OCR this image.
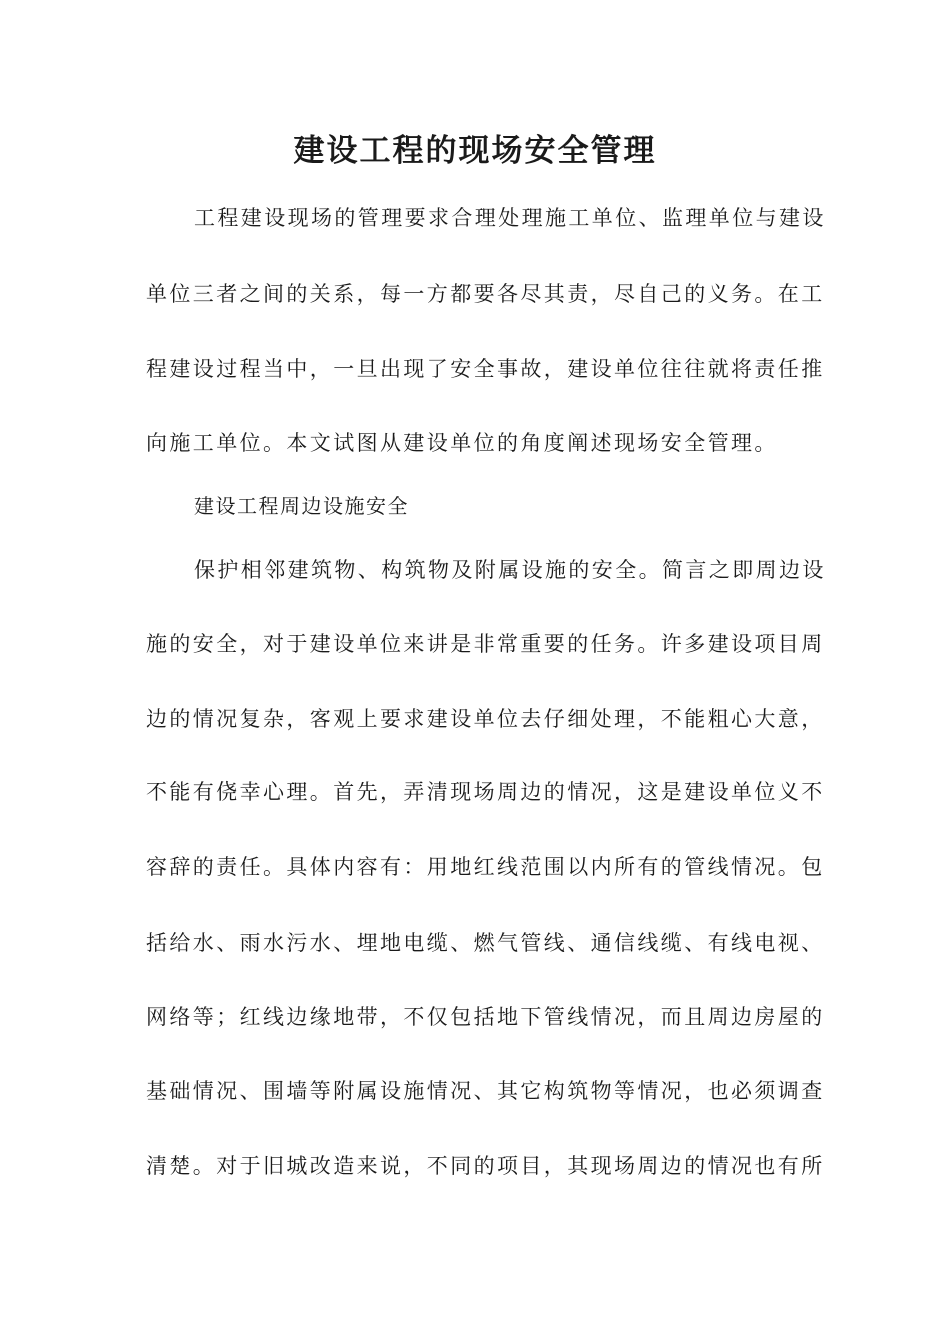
建设工程的现场安全管理
工程建设现场的管理要求合理处理施工单位、监理单位与建设
单位三者之间的关系，每一方都要各尽其责，尽自己的义务。在工
程建设过程当中，一旦出现了安全事故，建设单位往往就将责任推
向施工单位。本文试图从建设单位的角度阐述现场安全管理。
建设工程周边设施安全
保护相邻建筑物、构筑物及附属设施的安全。简言之即周边设
施的安全，对于建设单位来讲是非常重要的任务。许多建设项目周
边的情况复杂，客观上要求建设单位去仔细处理，不能粗心大意，
不能有侥幸心理。首先，弄清现场周边的情况，这是建设单位义不
容辞的责任。具体内容有：用地红线范围以内所有的管线情况。包
括给水、雨水污水、埋地电缆、燃气管线、通信线缆、有线电视、
网络等；红线边缘地带，不仅包括地下管线情况，而且周边房屋的
基础情况、围墙等附属设施情况、其它构筑物等情况，也必须调查
清楚。对于旧城改造来说，不同的项目，其现场周边的情况也有所
